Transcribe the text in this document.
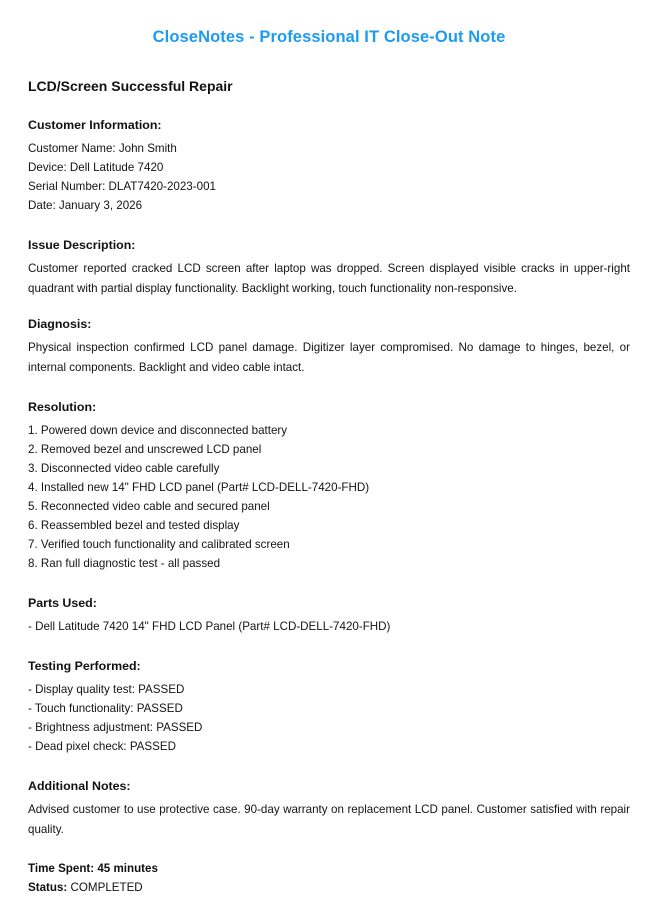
CloseNotes - Professional IT Close-Out Note
LCD/Screen Successful Repair
Customer Information:
Customer Name: John Smith
Device: Dell Latitude 7420
Serial Number: DLAT7420-2023-001
Date: January 3, 2026
Issue Description:

Customer reported cracked LCD screen after laptop was dropped. Screen displayed visible cracks in upper-right quadrant with partial display functionality. Backlight working, touch functionality non-responsive.

Diagnosis:

Physical inspection confirmed LCD panel damage. Digitizer layer compromised. No damage to hinges, bezel, or internal components. Backlight and video cable intact.

Resolution:
1. Powered down device and disconnected battery
2. Removed bezel and unscrewed LCD panel
3. Disconnected video cable carefully
4. Installed new 14" FHD LCD panel (Part# LCD-DELL-7420-FHD)
5. Reconnected video cable and secured panel
6. Reassembled bezel and tested display
7. Verified touch functionality and calibrated screen
8. Ran full diagnostic test - all passed
Parts Used:
- Dell Latitude 7420 14" FHD LCD Panel (Part# LCD-DELL-7420-FHD)
Testing Performed:
- Display quality test: PASSED
- Touch functionality: PASSED
- Brightness adjustment: PASSED
- Dead pixel check: PASSED
Additional Notes:

Advised customer to use protective case. 90-day warranty on replacement LCD panel. Customer satisfied with repair quality.

Time Spent: 45 minutes
Status: COMPLETED
